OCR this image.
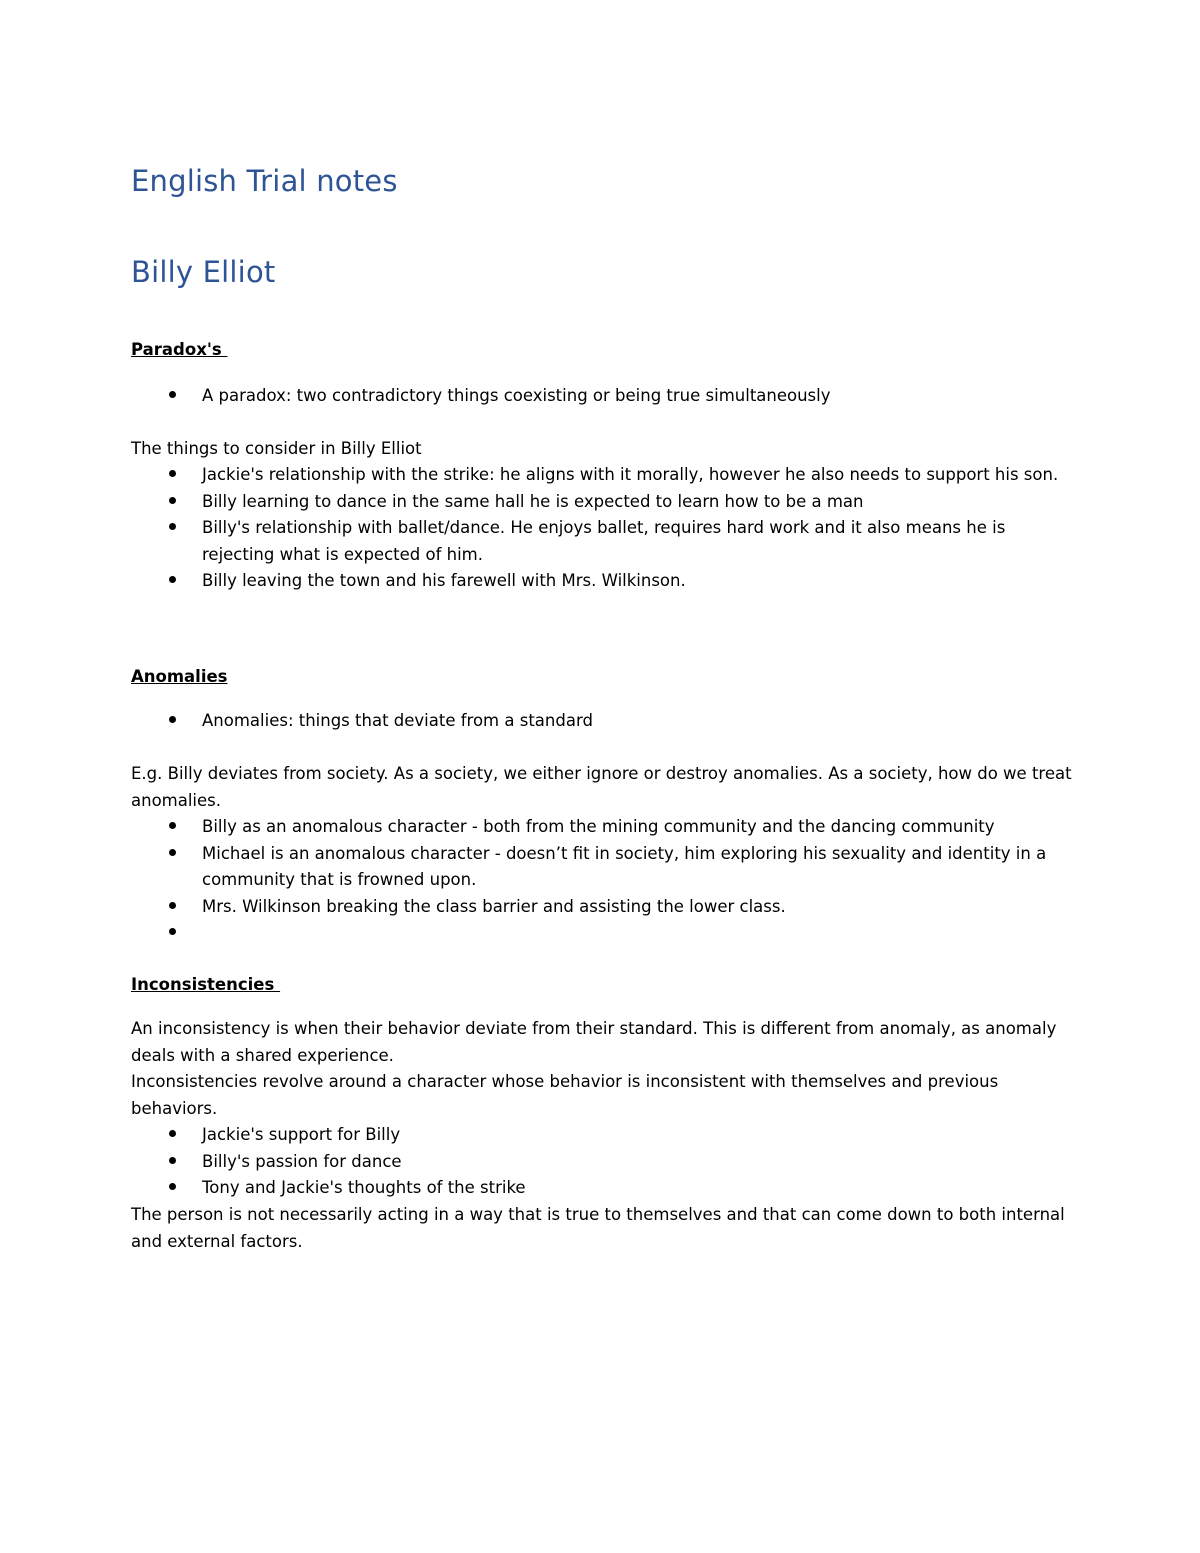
English Trial notes
Billy Elliot
Paradox's
A paradox: two contradictory things coexisting or being true simultaneously
The things to consider in Billy Elliot
Jackie's relationship with the strike: he aligns with it morally, however he also needs to support his son.
Billy learning to dance in the same hall he is expected to learn how to be a man
Billy's relationship with ballet/dance. He enjoys ballet, requires hard work and it also means he is rejecting what is expected of him.
Billy leaving the town and his farewell with Mrs. Wilkinson.
Anomalies
Anomalies: things that deviate from a standard
E.g. Billy deviates from society. As a society, we either ignore or destroy anomalies. As a society, how do we treat anomalies.
Billy as an anomalous character - both from the mining community and the dancing community
Michael is an anomalous character - doesn’t fit in society, him exploring his sexuality and identity in a community that is frowned upon.
Mrs. Wilkinson breaking the class barrier and assisting the lower class.
Inconsistencies
An inconsistency is when their behavior deviate from their standard. This is different from anomaly, as anomaly deals with a shared experience.
Inconsistencies revolve around a character whose behavior is inconsistent with themselves and previous behaviors.
Jackie's support for Billy
Billy's passion for dance
Tony and Jackie's thoughts of the strike
The person is not necessarily acting in a way that is true to themselves and that can come down to both internal and external factors.
